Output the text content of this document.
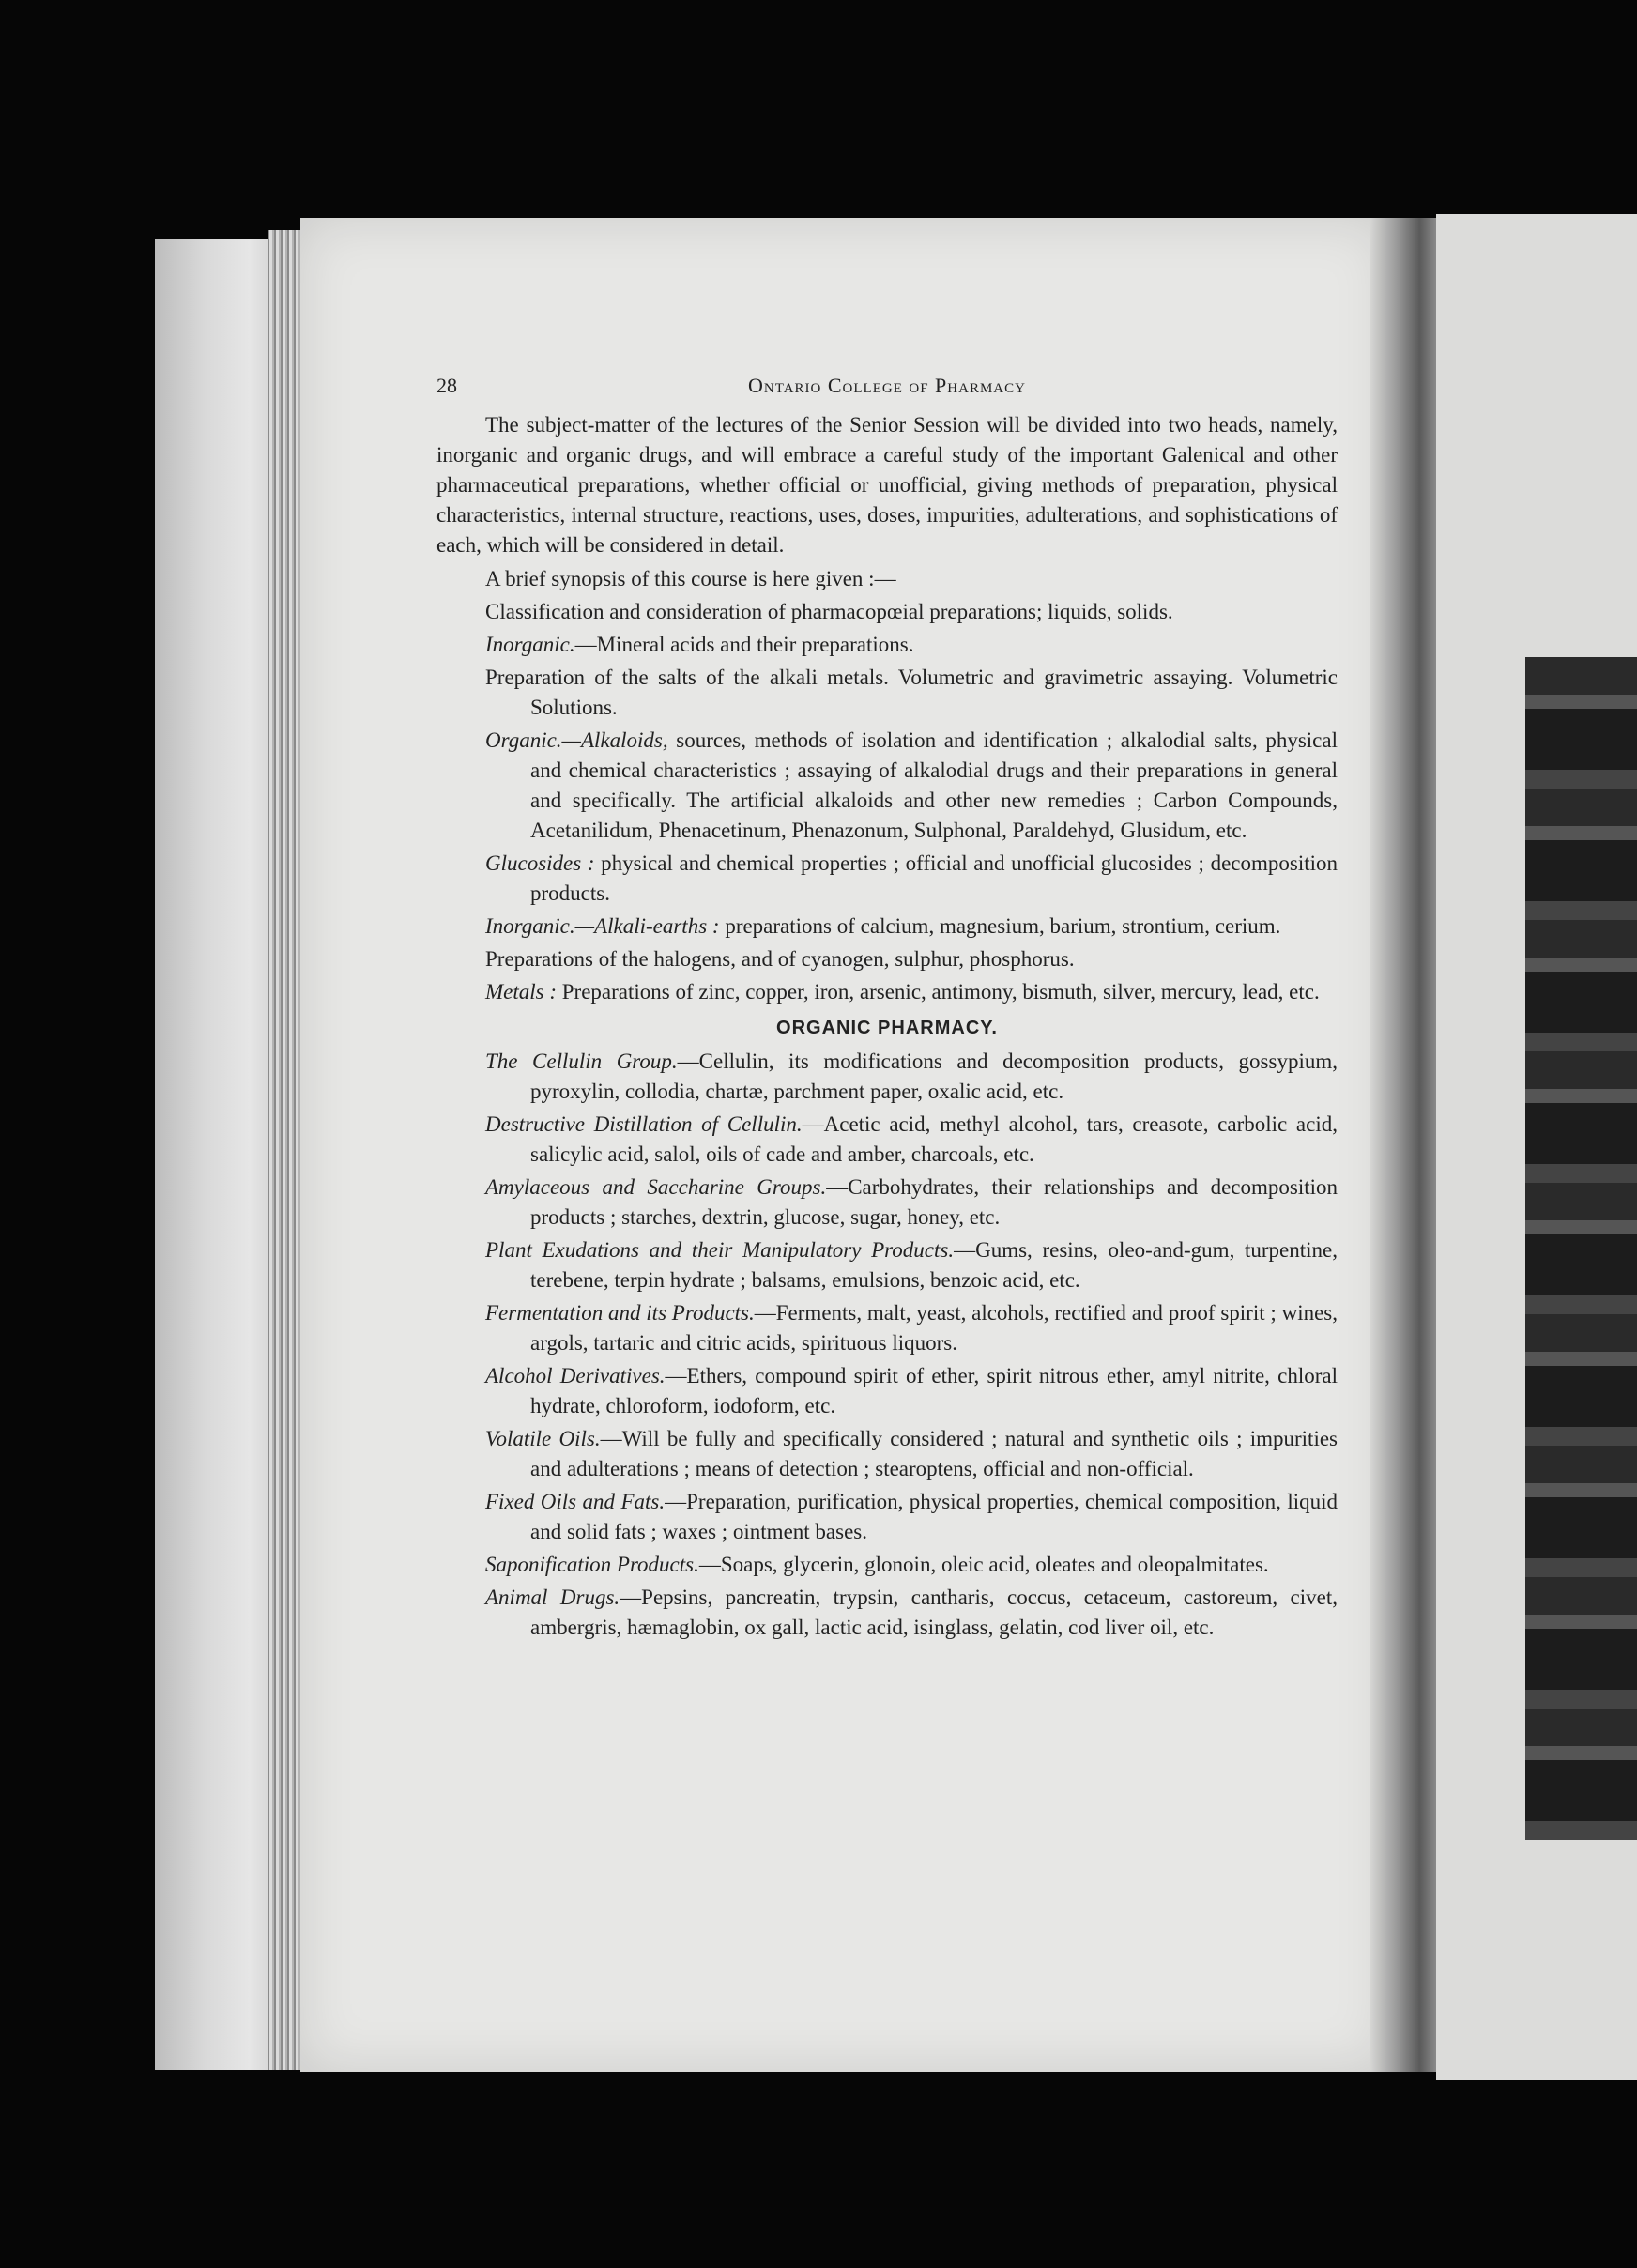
28	Ontario College of Pharmacy

The subject-matter of the lectures of the Senior Session will be divided into two heads, namely, inorganic and organic drugs, and will embrace a careful study of the important Galenical and other pharmaceutical preparations, whether official or unofficial, giving methods of preparation, physical characteristics, internal structure, reactions, uses, doses, impurities, adulterations, and sophistications of each, which will be considered in detail.

A brief synopsis of this course is here given :—

Classification and consideration of pharmacopœial preparations; liquids, solids.

Inorganic.—Mineral acids and their preparations.

Preparation of the salts of the alkali metals. Volumetric and gravimetric assaying. Volumetric Solutions.

Organic.—Alkaloids, sources, methods of isolation and identification ; alkalodial salts, physical and chemical characteristics ; assaying of alkalodial drugs and their preparations in general and specifically. The artificial alkaloids and other new remedies ; Carbon Compounds, Acetanilidum, Phenacetinum, Phenazonum, Sulphonal, Paraldehyd, Glusidum, etc.

Glucosides : physical and chemical properties ; official and unofficial glucosides ; decomposition products.

Inorganic.—Alkali-earths : preparations of calcium, magnesium, barium, strontium, cerium.

Preparations of the halogens, and of cyanogen, sulphur, phosphorus.

Metals : Preparations of zinc, copper, iron, arsenic, antimony, bismuth, silver, mercury, lead, etc.

ORGANIC PHARMACY.

The Cellulin Group.—Cellulin, its modifications and decomposition products, gossypium, pyroxylin, collodia, chartæ, parchment paper, oxalic acid, etc.

Destructive Distillation of Cellulin.—Acetic acid, methyl alcohol, tars, creasote, carbolic acid, salicylic acid, salol, oils of cade and amber, charcoals, etc.

Amylaceous and Saccharine Groups.—Carbohydrates, their relationships and decomposition products ; starches, dextrin, glucose, sugar, honey, etc.

Plant Exudations and their Manipulatory Products.—Gums, resins, oleo-and-gum, turpentine, terebene, terpin hydrate ; balsams, emulsions, benzoic acid, etc.

Fermentation and its Products.—Ferments, malt, yeast, alcohols, rectified and proof spirit ; wines, argols, tartaric and citric acids, spirituous liquors.

Alcohol Derivatives.—Ethers, compound spirit of ether, spirit nitrous ether, amyl nitrite, chloral hydrate, chloroform, iodoform, etc.

Volatile Oils.—Will be fully and specifically considered ; natural and synthetic oils ; impurities and adulterations ; means of detection ; stearoptens, official and non-official.

Fixed Oils and Fats.—Preparation, purification, physical properties, chemical composition, liquid and solid fats ; waxes ; ointment bases.

Saponification Products.—Soaps, glycerin, glonoin, oleic acid, oleates and oleopalmitates.

Animal Drugs.—Pepsins, pancreatin, trypsin, cantharis, coccus, cetaceum, castoreum, civet, ambergris, hæmaglobin, ox gall, lactic acid, isinglass, gelatin, cod liver oil, etc.
